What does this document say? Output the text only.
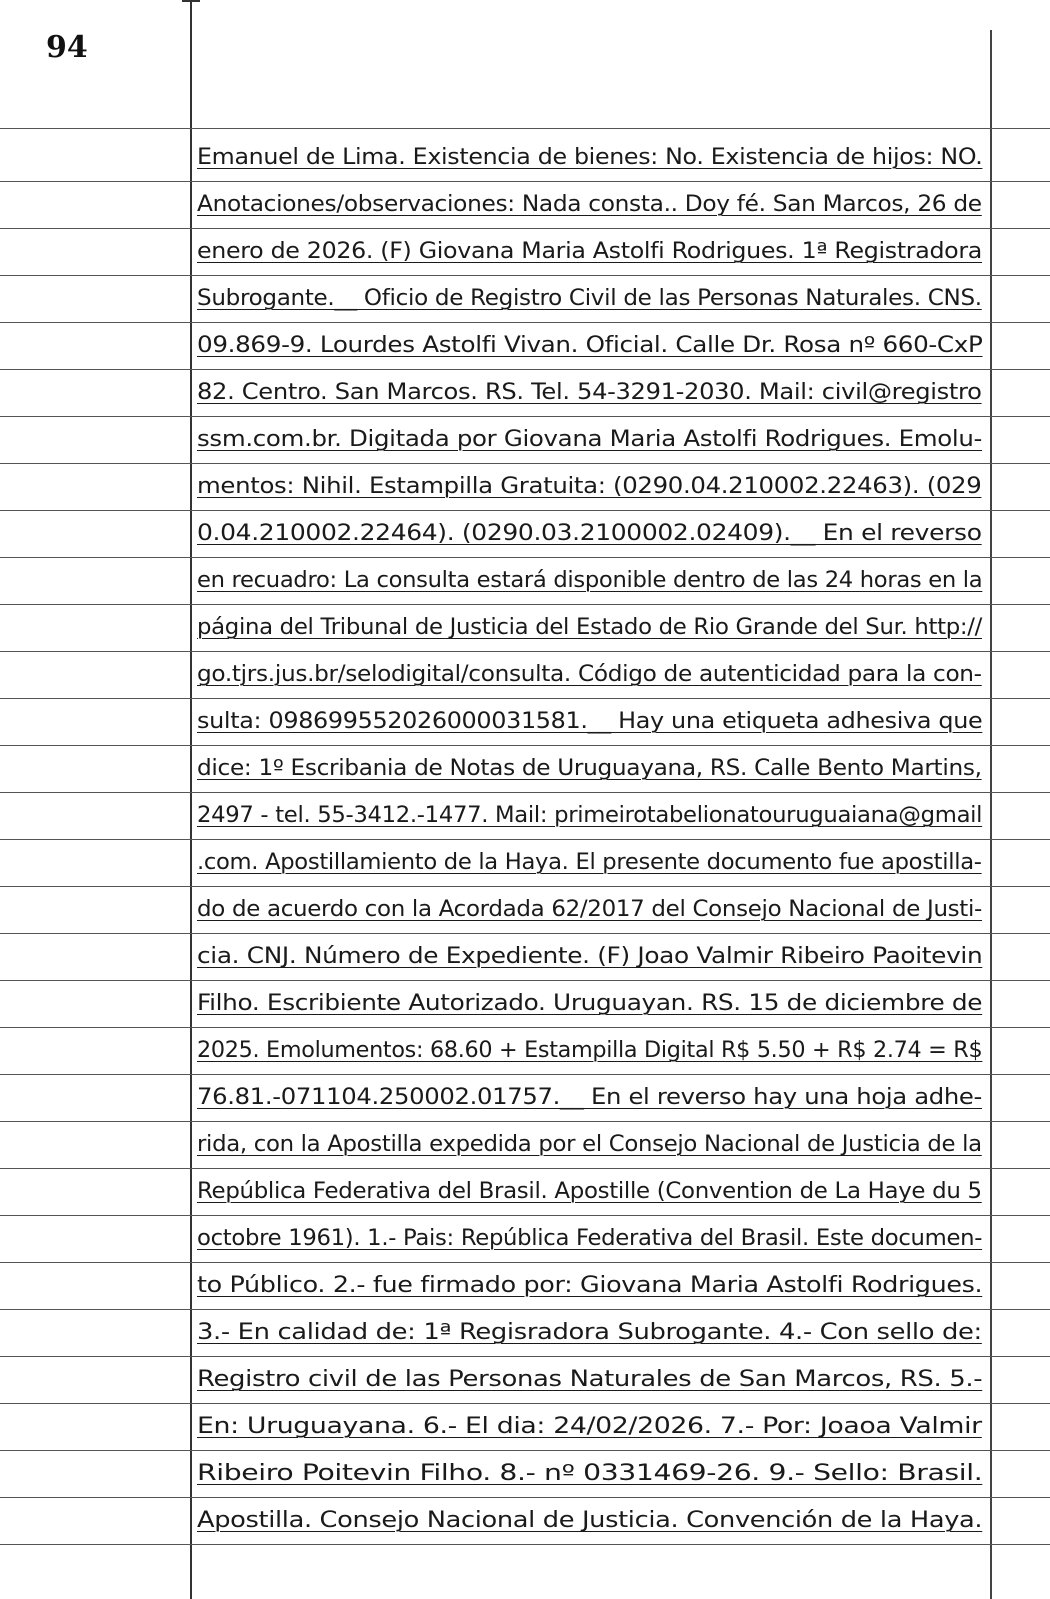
94
Emanuel de Lima. Existencia de bienes: No. Existencia de hijos: NO.
Anotaciones/observaciones: Nada consta.. Doy fé. San Marcos, 26 de
enero de 2026. (F) Giovana Maria Astolfi Rodrigues. 1ª Registradora
Subrogante.__ Oficio de Registro Civil de las Personas Naturales. CNS.
09.869-9. Lourdes Astolfi Vivan. Oficial. Calle Dr. Rosa nº 660-CxP
82. Centro. San Marcos. RS. Tel. 54-3291-2030. Mail: civil@registro
ssm.com.br. Digitada por Giovana Maria Astolfi Rodrigues. Emolu-
mentos: Nihil. Estampilla Gratuita: (0290.04.210002.22463). (029
0.04.210002.22464). (0290.03.2100002.02409).__ En el reverso
en recuadro: La consulta estará disponible dentro de las 24 horas en la
página del Tribunal de Justicia del Estado de Rio Grande del Sur. http://
go.tjrs.jus.br/selodigital/consulta. Código de autenticidad para la con-
sulta: 098699552026000031581.__ Hay una etiqueta adhesiva que
dice: 1º Escribania de Notas de Uruguayana, RS. Calle Bento Martins,
2497 - tel. 55-3412.-1477. Mail: primeirotabelionatouruguaiana@gmail
.com. Apostillamiento de la Haya. El presente documento fue apostilla-
do de acuerdo con la Acordada 62/2017 del Consejo Nacional de Justi-
cia. CNJ. Número de Expediente. (F) Joao Valmir Ribeiro Paoitevin
Filho. Escribiente Autorizado. Uruguayan. RS. 15 de diciembre de
2025. Emolumentos: 68.60 + Estampilla Digital R$ 5.50 + R$ 2.74 = R$
76.81.-071104.250002.01757.__ En el reverso hay una hoja adhe-
rida, con la Apostilla expedida por el Consejo Nacional de Justicia de la
República Federativa del Brasil. Apostille (Convention de La Haye du 5
octobre 1961). 1.- Pais: República Federativa del Brasil. Este documen-
to Público. 2.- fue firmado por: Giovana Maria Astolfi Rodrigues.
3.- En calidad de: 1ª Regisradora Subrogante. 4.- Con sello de:
Registro civil de las Personas Naturales de San Marcos, RS. 5.-
En: Uruguayana. 6.- El dia: 24/02/2026. 7.- Por: Joaoa Valmir
Ribeiro Poitevin Filho. 8.- nº 0331469-26. 9.- Sello: Brasil.
Apostilla. Consejo Nacional de Justicia. Convención de la Haya.
